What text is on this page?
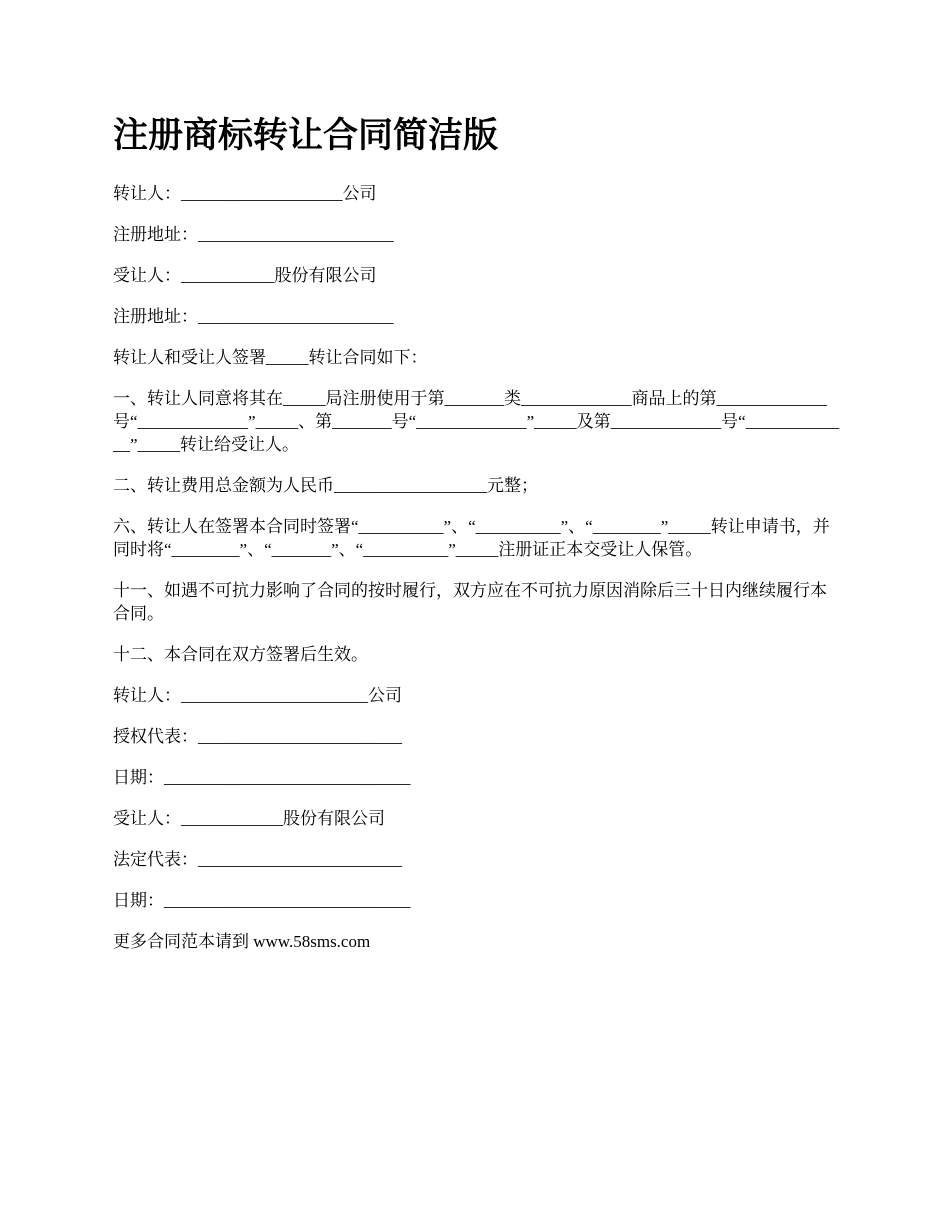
注册商标转让合同简洁版

转让人：___________________公司

注册地址：_______________________

受让人：___________股份有限公司

注册地址：_______________________

转让人和受让人签署_____转让合同如下：

一、转让人同意将其在_____局注册使用于第_______类_____________商品上的第_____________号“_____________”_____、第_______号“_____________”_____及第_____________号“_____________”_____转让给受让人。

二、转让费用总金额为人民币__________________元整；

六、转让人在签署本合同时签署“__________”、“__________”、“________”_____转让申请书，并同时将“________”、“_______”、“__________”_____注册证正本交受让人保管。

十一、如遇不可抗力影响了合同的按时履行，双方应在不可抗力原因消除后三十日内继续履行本合同。

十二、本合同在双方签署后生效。

转让人：______________________公司

授权代表：________________________

日期：_____________________________

受让人：____________股份有限公司

法定代表：________________________

日期：_____________________________

更多合同范本请到 www.58sms.com
